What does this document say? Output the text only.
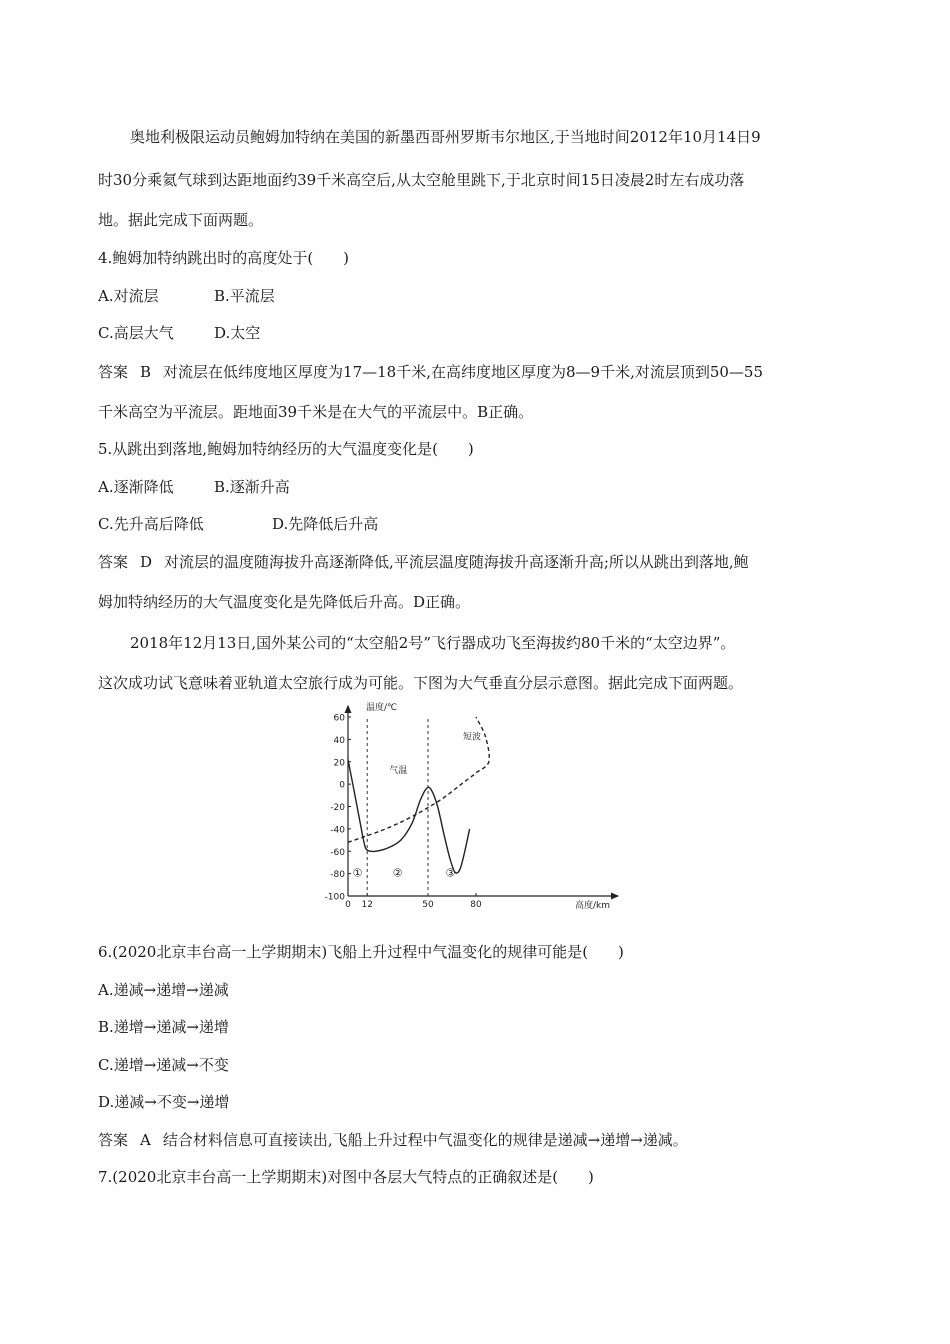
奥地利极限运动员鲍姆加特纳在美国的新墨西哥州罗斯韦尔地区,于当地时间2012年10月14日9
时30分乘氦气球到达距地面约39千米高空后,从太空舱里跳下,于北京时间15日凌晨2时左右成功落
地。据此完成下面两题。
4.鲍姆加特纳跳出时的高度处于(　　)
A.对流层	B.平流层
C.高层大气	D.太空
答案 B 对流层在低纬度地区厚度为17—18千米,在高纬度地区厚度为8—9千米,对流层顶到50—55
千米高空为平流层。距地面39千米是在大气的平流层中。B正确。
5.从跳出到落地,鲍姆加特纳经历的大气温度变化是(　　)
A.逐渐降低	B.逐渐升高
C.先升高后降低	D.先降低后升高
答案 D 对流层的温度随海拔升高逐渐降低,平流层温度随海拔升高逐渐升高;所以从跳出到落地,鲍
姆加特纳经历的大气温度变化是先降低后升高。D正确。
2018年12月13日,国外某公司的“太空船2号”飞行器成功飞至海拔约80千米的“太空边界”。
这次成功试飞意味着亚轨道太空旅行成为可能。下图为大气垂直分层示意图。据此完成下面两题。
60
40
20
0
-20
-40
-60
-80
-100
0 12	50	80
温度/℃
高度/km
①	②	③
气温
短波
6.(2020北京丰台高一上学期期末)飞船上升过程中气温变化的规律可能是(　　)
A.递减→递增→递减
B.递增→递减→递增
C.递增→递减→不变
D.递减→不变→递增
答案 A 结合材料信息可直接读出,飞船上升过程中气温变化的规律是递减→递增→递减。
7.(2020北京丰台高一上学期期末)对图中各层大气特点的正确叙述是(　　)
